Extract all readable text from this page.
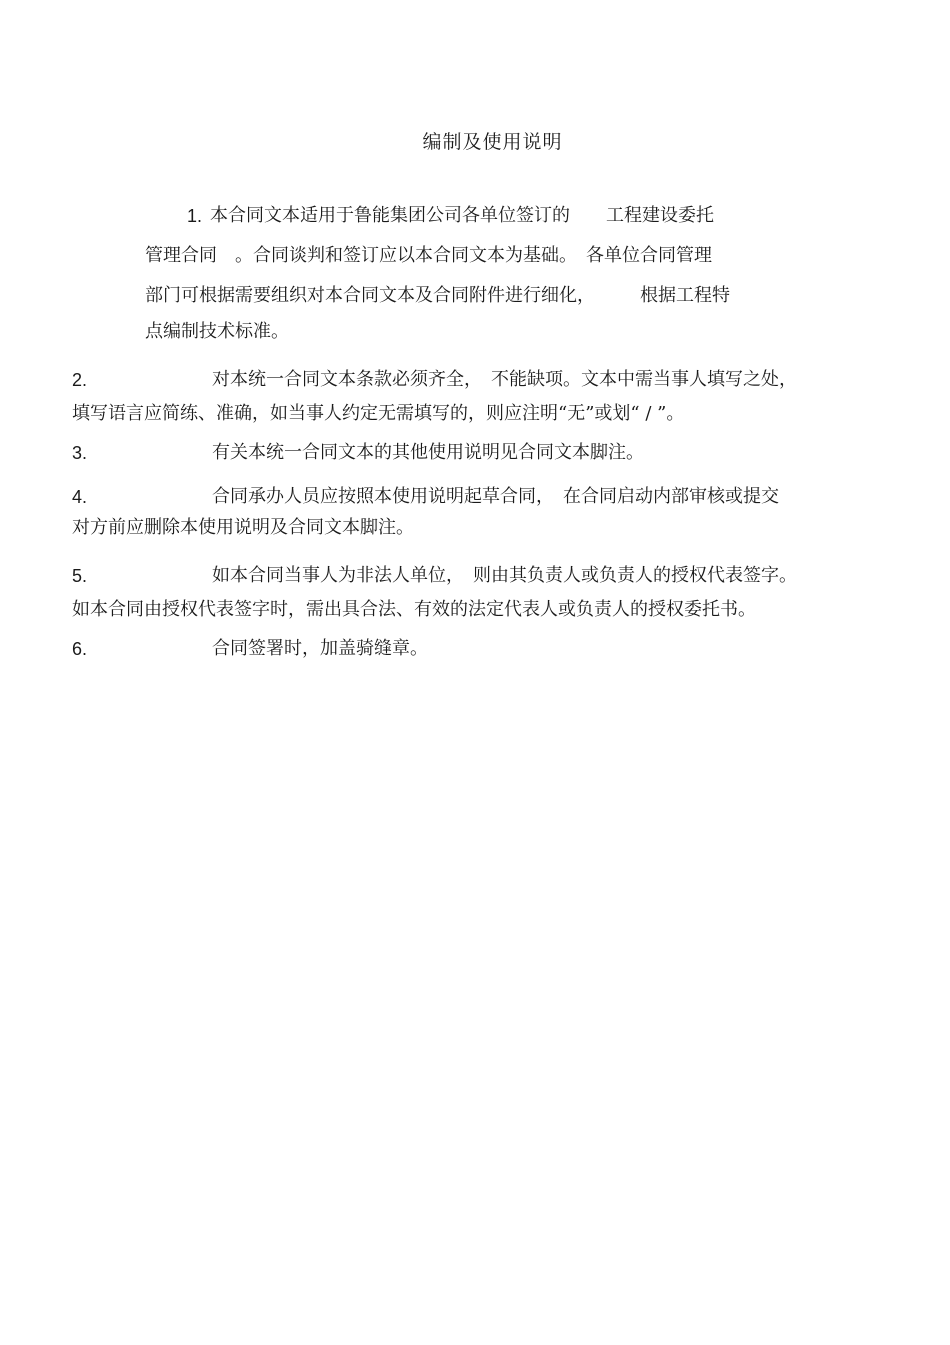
编制及使用说明
1. 本合同文本适用于鲁能集团公司各单位签订的　　工程建设委托
管理合同　。合同谈判和签订应以本合同文本为基础。　各单位合同管理
部门可根据需要组织对本合同文本及合同附件进行细化，　　　根据工程特
点编制技术标准。
2.	对本统一合同文本条款必须齐全，　不能缺项。文本中需当事人填写之处，
填写语言应简练、准确，如当事人约定无需填写的，则应注明“无”或划“ / ”。
3.	有关本统一合同文本的其他使用说明见合同文本脚注。
4.	合同承办人员应按照本使用说明起草合同，　在合同启动内部审核或提交
对方前应删除本使用说明及合同文本脚注。
5.	如本合同当事人为非法人单位，　则由其负责人或负责人的授权代表签字。
如本合同由授权代表签字时，需出具合法、有效的法定代表人或负责人的授权委托书。
6.	合同签署时，加盖骑缝章。
